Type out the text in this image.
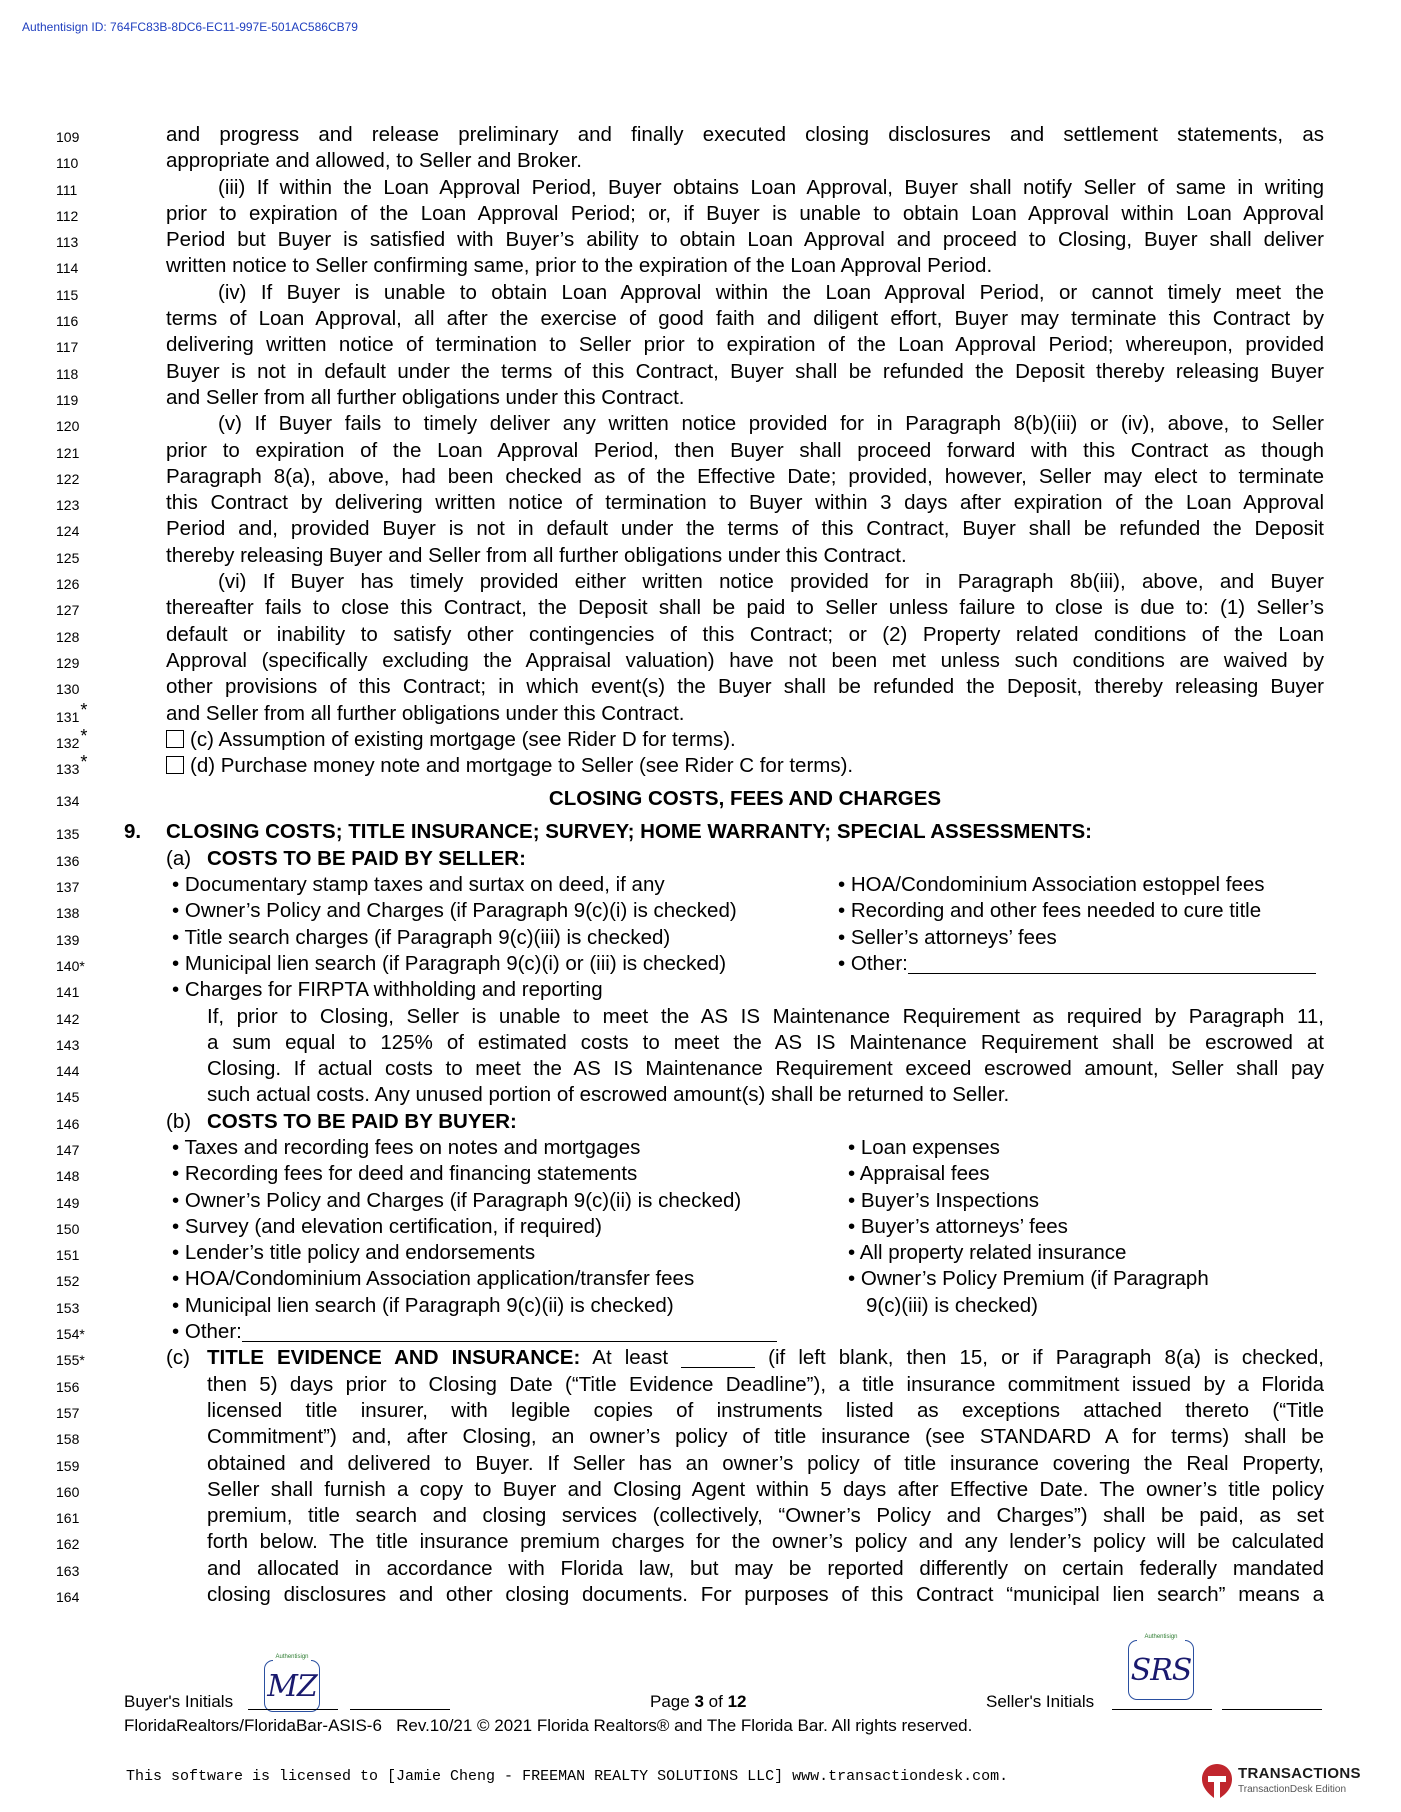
Authentisign ID: 764FC83B-8DC6-EC11-997E-501AC586CB79
109	and progress and release preliminary and finally executed closing disclosures and settlement statements, as
110	appropriate and allowed, to Seller and Broker.
111	(iii) If within the Loan Approval Period, Buyer obtains Loan Approval, Buyer shall notify Seller of same in writing
112	prior to expiration of the Loan Approval Period; or, if Buyer is unable to obtain Loan Approval within Loan Approval
113	Period but Buyer is satisfied with Buyer’s ability to obtain Loan Approval and proceed to Closing, Buyer shall deliver
114	written notice to Seller confirming same, prior to the expiration of the Loan Approval Period.
115	(iv) If Buyer is unable to obtain Loan Approval within the Loan Approval Period, or cannot timely meet the
116	terms of Loan Approval, all after the exercise of good faith and diligent effort, Buyer may terminate this Contract by
117	delivering written notice of termination to Seller prior to expiration of the Loan Approval Period; whereupon, provided
118	Buyer is not in default under the terms of this Contract, Buyer shall be refunded the Deposit thereby releasing Buyer
119	and Seller from all further obligations under this Contract.
120	(v) If Buyer fails to timely deliver any written notice provided for in Paragraph 8(b)(iii) or (iv), above, to Seller
121	prior to expiration of the Loan Approval Period, then Buyer shall proceed forward with this Contract as though
122	Paragraph 8(a), above, had been checked as of the Effective Date; provided, however, Seller may elect to terminate
123	this Contract by delivering written notice of termination to Buyer within 3 days after expiration of the Loan Approval
124	Period and, provided Buyer is not in default under the terms of this Contract, Buyer shall be refunded the Deposit
125	thereby releasing Buyer and Seller from all further obligations under this Contract.
126	(vi) If Buyer has timely provided either written notice provided for in Paragraph 8b(iii), above, and Buyer
127	thereafter fails to close this Contract, the Deposit shall be paid to Seller unless failure to close is due to: (1) Seller’s
128	default or inability to satisfy other contingencies of this Contract; or (2) Property related conditions of the Loan
129	Approval (specifically excluding the Appraisal valuation) have not been met unless such conditions are waived by
130	other provisions of this Contract; in which event(s) the Buyer shall be refunded the Deposit, thereby releasing Buyer
131*	and Seller from all further obligations under this Contract.
132*	(c) Assumption of existing mortgage (see Rider D for terms).
133*	(d) Purchase money note and mortgage to Seller (see Rider C for terms).
134	CLOSING COSTS, FEES AND CHARGES
135	9. CLOSING COSTS; TITLE INSURANCE; SURVEY; HOME WARRANTY; SPECIAL ASSESSMENTS:
136	(a) COSTS TO BE PAID BY SELLER:
137	• Documentary stamp taxes and surtax on deed, if any	• HOA/Condominium Association estoppel fees
138	• Owner’s Policy and Charges (if Paragraph 9(c)(i) is checked)	• Recording and other fees needed to cure title
139	• Title search charges (if Paragraph 9(c)(iii) is checked)	• Seller’s attorneys’ fees
140*	• Municipal lien search (if Paragraph 9(c)(i) or (iii) is checked)	• Other:
141	• Charges for FIRPTA withholding and reporting
142	If, prior to Closing, Seller is unable to meet the AS IS Maintenance Requirement as required by Paragraph 11,
143	a sum equal to 125% of estimated costs to meet the AS IS Maintenance Requirement shall be escrowed at
144	Closing. If actual costs to meet the AS IS Maintenance Requirement exceed escrowed amount, Seller shall pay
145	such actual costs. Any unused portion of escrowed amount(s) shall be returned to Seller.
146	(b) COSTS TO BE PAID BY BUYER:
147	• Taxes and recording fees on notes and mortgages	• Loan expenses
148	• Recording fees for deed and financing statements	• Appraisal fees
149	• Owner’s Policy and Charges (if Paragraph 9(c)(ii) is checked)	• Buyer’s Inspections
150	• Survey (and elevation certification, if required)	• Buyer’s attorneys’ fees
151	• Lender’s title policy and endorsements	• All property related insurance
152	• HOA/Condominium Association application/transfer fees	• Owner’s Policy Premium (if Paragraph
153	• Municipal lien search (if Paragraph 9(c)(ii) is checked)	9(c)(iii) is checked)
154*	• Other:
155*	(c) TITLE EVIDENCE AND INSURANCE: At least	(if left blank, then 15, or if Paragraph 8(a) is checked,
156	then 5) days prior to Closing Date (“Title Evidence Deadline”), a title insurance commitment issued by a Florida
157	licensed title insurer, with legible copies of instruments listed as exceptions attached thereto (“Title
158	Commitment”) and, after Closing, an owner’s policy of title insurance (see STANDARD A for terms) shall be
159	obtained and delivered to Buyer. If Seller has an owner’s policy of title insurance covering the Real Property,
160	Seller shall furnish a copy to Buyer and Closing Agent within 5 days after Effective Date. The owner’s title policy
161	premium, title search and closing services (collectively, “Owner’s Policy and Charges”) shall be paid, as set
162	forth below. The title insurance premium charges for the owner’s policy and any lender’s policy will be calculated
163	and allocated in accordance with Florida law, but may be reported differently on certain federally mandated
164	closing disclosures and other closing documents. For purposes of this Contract “municipal lien search” means a
Buyer's Initials
Authentisign
MZ	Page 3 of 12	Seller's Initials
Authentisign
SRS
FloridaRealtors/FloridaBar-ASIS-6 Rev.10/21 © 2021 Florida Realtors® and The Florida Bar. All rights reserved.
This software is licensed to [Jamie Cheng - FREEMAN REALTY SOLUTIONS LLC] www.transactiondesk.com.	TRANSACTIONS
TransactionDesk Edition
